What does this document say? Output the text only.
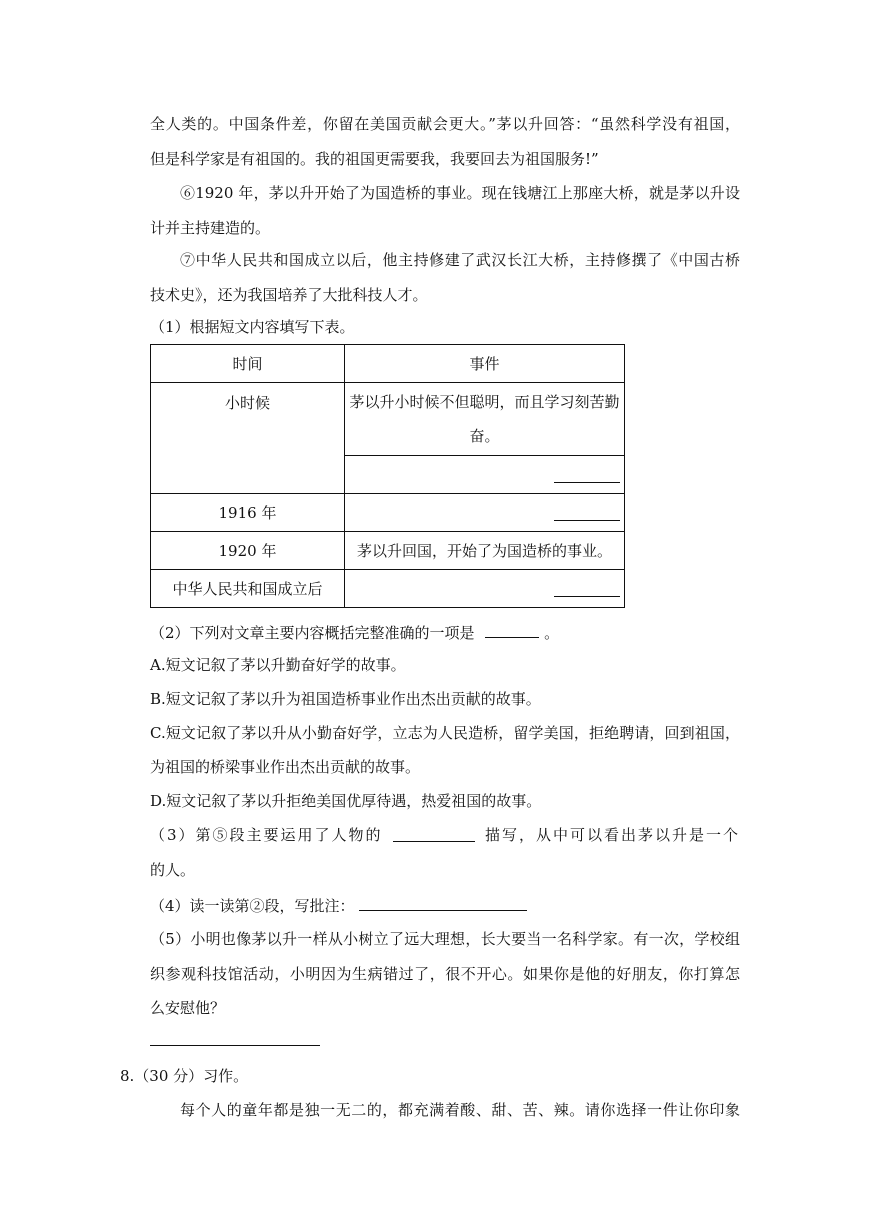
全人类的。中国条件差，你留在美国贡献会更大。”茅以升回答：“虽然科学没有祖国，
但是科学家是有祖国的。我的祖国更需要我，我要回去为祖国服务!”
⑥1920 年，茅以升开始了为国造桥的事业。现在钱塘江上那座大桥，就是茅以升设
计并主持建造的。
⑦中华人民共和国成立以后，他主持修建了武汉长江大桥，主持修撰了《中国古桥
技术史》，还为我国培养了大批科技人才。
（1）根据短文内容填写下表。
时间	事件
小时候	茅以升小时候不但聪明，而且学习刻苦勤
奋。

1916 年	

1920 年	茅以升回国，开始了为国造桥的事业。
中华人民共和国成立后	
（2）下列对文章主要内容概括完整准确的一项是	。
A.短文记叙了茅以升勤奋好学的故事。
B.短文记叙了茅以升为祖国造桥事业作出杰出贡献的故事。
C.短文记叙了茅以升从小勤奋好学，立志为人民造桥，留学美国，拒绝聘请，回到祖国，
为祖国的桥梁事业作出杰出贡献的故事。
D.短文记叙了茅以升拒绝美国优厚待遇，热爱祖国的故事。
（3）第⑤段主要运用了人物的	描写，从中可以看出茅以升是一个
的人。
（4）读一读第②段，写批注：
（5）小明也像茅以升一样从小树立了远大理想，长大要当一名科学家。有一次，学校组
织参观科技馆活动，小明因为生病错过了，很不开心。如果你是他的好朋友，你打算怎
么安慰他？
8.（30 分）习作。
每个人的童年都是独一无二的，都充满着酸、甜、苦、辣。请你选择一件让你印象
